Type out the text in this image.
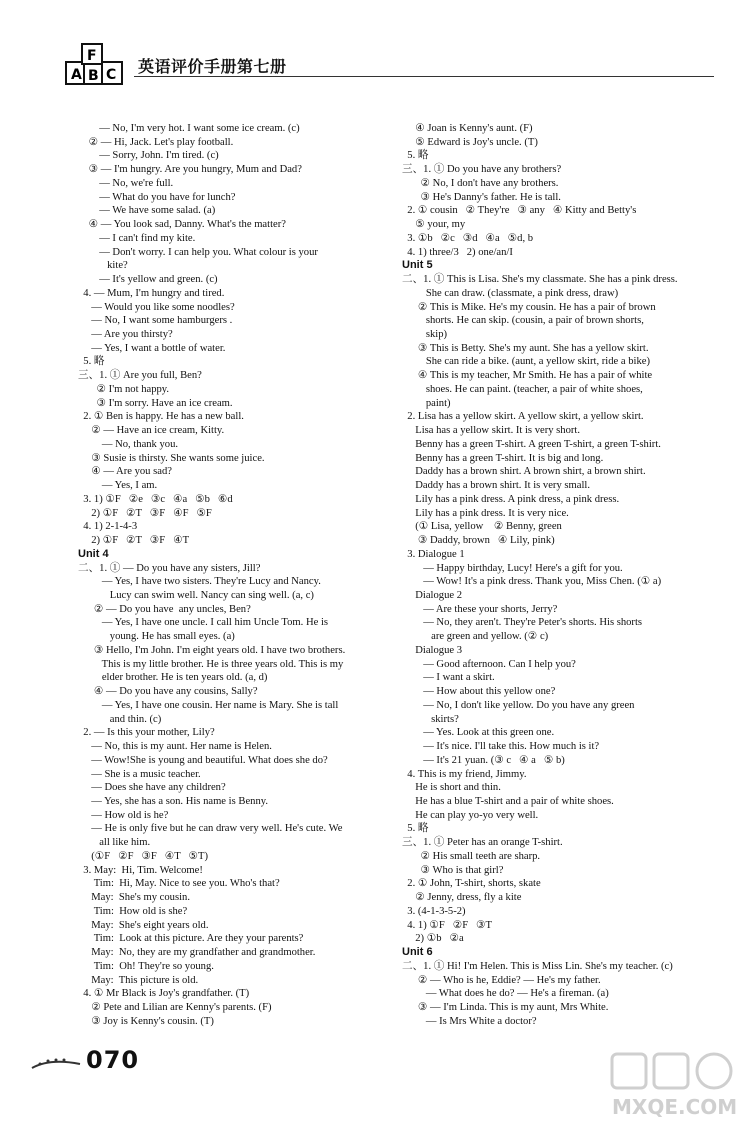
A B C
F
英语评价手册第七册
— No, I'm very hot. I want some ice cream. (c)
② — Hi, Jack. Let's play football.
— Sorry, John. I'm tired. (c)
③ — I'm hungry. Are you hungry, Mum and Dad?
— No, we're full.
— What do you have for lunch?
— We have some salad. (a)
④ — You look sad, Danny. What's the matter?
— I can't find my kite.
— Don't worry. I can help you. What colour is your
kite?
— It's yellow and green. (c)
4. — Mum, I'm hungry and tired.
— Would you like some noodles?
— No, I want some hamburgers .
— Are you thirsty?
— Yes, I want a bottle of water.
5. 略
三、1. ① Are you full, Ben?
② I'm not happy.
③ I'm sorry. Have an ice cream.
2. ① Ben is happy. He has a new ball.
② — Have an ice cream, Kitty.
— No, thank you.
③ Susie is thirsty. She wants some juice.
④ — Are you sad?
— Yes, I am.
3. 1) ①F   ②e   ③c   ④a   ⑤b   ⑥d
2) ①F   ②T   ③F   ④F   ⑤F
4. 1) 2-1-4-3
2) ①F   ②T   ③F   ④T
Unit 4
二、1. ① — Do you have any sisters, Jill?
— Yes, I have two sisters. They're Lucy and Nancy.
Lucy can swim well. Nancy can sing well. (a, c)
② — Do you have  any uncles, Ben?
— Yes, I have one uncle. I call him Uncle Tom. He is
young. He has small eyes. (a)
③ Hello, I'm John. I'm eight years old. I have two brothers.
This is my little brother. He is three years old. This is my
elder brother. He is ten years old. (a, d)
④ — Do you have any cousins, Sally?
— Yes, I have one cousin. Her name is Mary. She is tall
and thin. (c)
2. — Is this your mother, Lily?
— No, this is my aunt. Her name is Helen.
— Wow!She is young and beautiful. What does she do?
— She is a music teacher.
— Does she have any children?
— Yes, she has a son. His name is Benny.
— How old is he?
— He is only five but he can draw very well. He's cute. We
all like him.
(①F   ②F   ③F   ④T   ⑤T)
3. May:  Hi, Tim. Welcome!
Tim:  Hi, May. Nice to see you. Who's that?
May:  She's my cousin.
Tim:  How old is she?
May:  She's eight years old.
Tim:  Look at this picture. Are they your parents?
May:  No, they are my grandfather and grandmother.
Tim:  Oh! They're so young.
May:  This picture is old.
4. ① Mr Black is Joy's grandfather. (T)
② Pete and Lilian are Kenny's parents. (F)
③ Joy is Kenny's cousin. (T)
④ Joan is Kenny's aunt. (F)
⑤ Edward is Joy's uncle. (T)
5. 略
三、1. ① Do you have any brothers?
② No, I don't have any brothers.
③ He's Danny's father. He is tall.
2. ① cousin   ② They're   ③ any   ④ Kitty and Betty's
⑤ your, my
3. ①b   ②c   ③d   ④a   ⑤d, b
4. 1) three/3   2) one/an/I
Unit 5
二、1. ① This is Lisa. She's my classmate. She has a pink dress.
She can draw. (classmate, a pink dress, draw)
② This is Mike. He's my cousin. He has a pair of brown
shorts. He can skip. (cousin, a pair of brown shorts,
skip)
③ This is Betty. She's my aunt. She has a yellow skirt.
She can ride a bike. (aunt, a yellow skirt, ride a bike)
④ This is my teacher, Mr Smith. He has a pair of white
shoes. He can paint. (teacher, a pair of white shoes,
paint)
2. Lisa has a yellow skirt. A yellow skirt, a yellow skirt.
Lisa has a yellow skirt. It is very short.
Benny has a green T-shirt. A green T-shirt, a green T-shirt.
Benny has a green T-shirt. It is big and long.
Daddy has a brown shirt. A brown shirt, a brown shirt.
Daddy has a brown shirt. It is very small.
Lily has a pink dress. A pink dress, a pink dress.
Lily has a pink dress. It is very nice.
(① Lisa, yellow    ② Benny, green
③ Daddy, brown   ④ Lily, pink)
3. Dialogue 1
— Happy birthday, Lucy! Here's a gift for you.
— Wow! It's a pink dress. Thank you, Miss Chen. (① a)
Dialogue 2
— Are these your shorts, Jerry?
— No, they aren't. They're Peter's shorts. His shorts
are green and yellow. (② c)
Dialogue 3
— Good afternoon. Can I help you?
— I want a skirt.
— How about this yellow one?
— No, I don't like yellow. Do you have any green
skirts?
— Yes. Look at this green one.
— It's nice. I'll take this. How much is it?
— It's 21 yuan. (③ c   ④ a   ⑤ b)
4. This is my friend, Jimmy.
He is short and thin.
He has a blue T-shirt and a pair of white shoes.
He can play yo-yo very well.
5. 略
三、1. ① Peter has an orange T-shirt.
② His small teeth are sharp.
③ Who is that girl?
2. ① John, T-shirt, shorts, skate
② Jenny, dress, fly a kite
3. (4-1-3-5-2)
4. 1) ①F   ②F   ③T
2) ①b   ②a
Unit 6
二、1. ① Hi! I'm Helen. This is Miss Lin. She's my teacher. (c)
② — Who is he, Eddie? — He's my father.
— What does he do? — He's a fireman. (a)
③ — I'm Linda. This is my aunt, Mrs White.
— Is Mrs White a doctor?
070
MXQE.COM
